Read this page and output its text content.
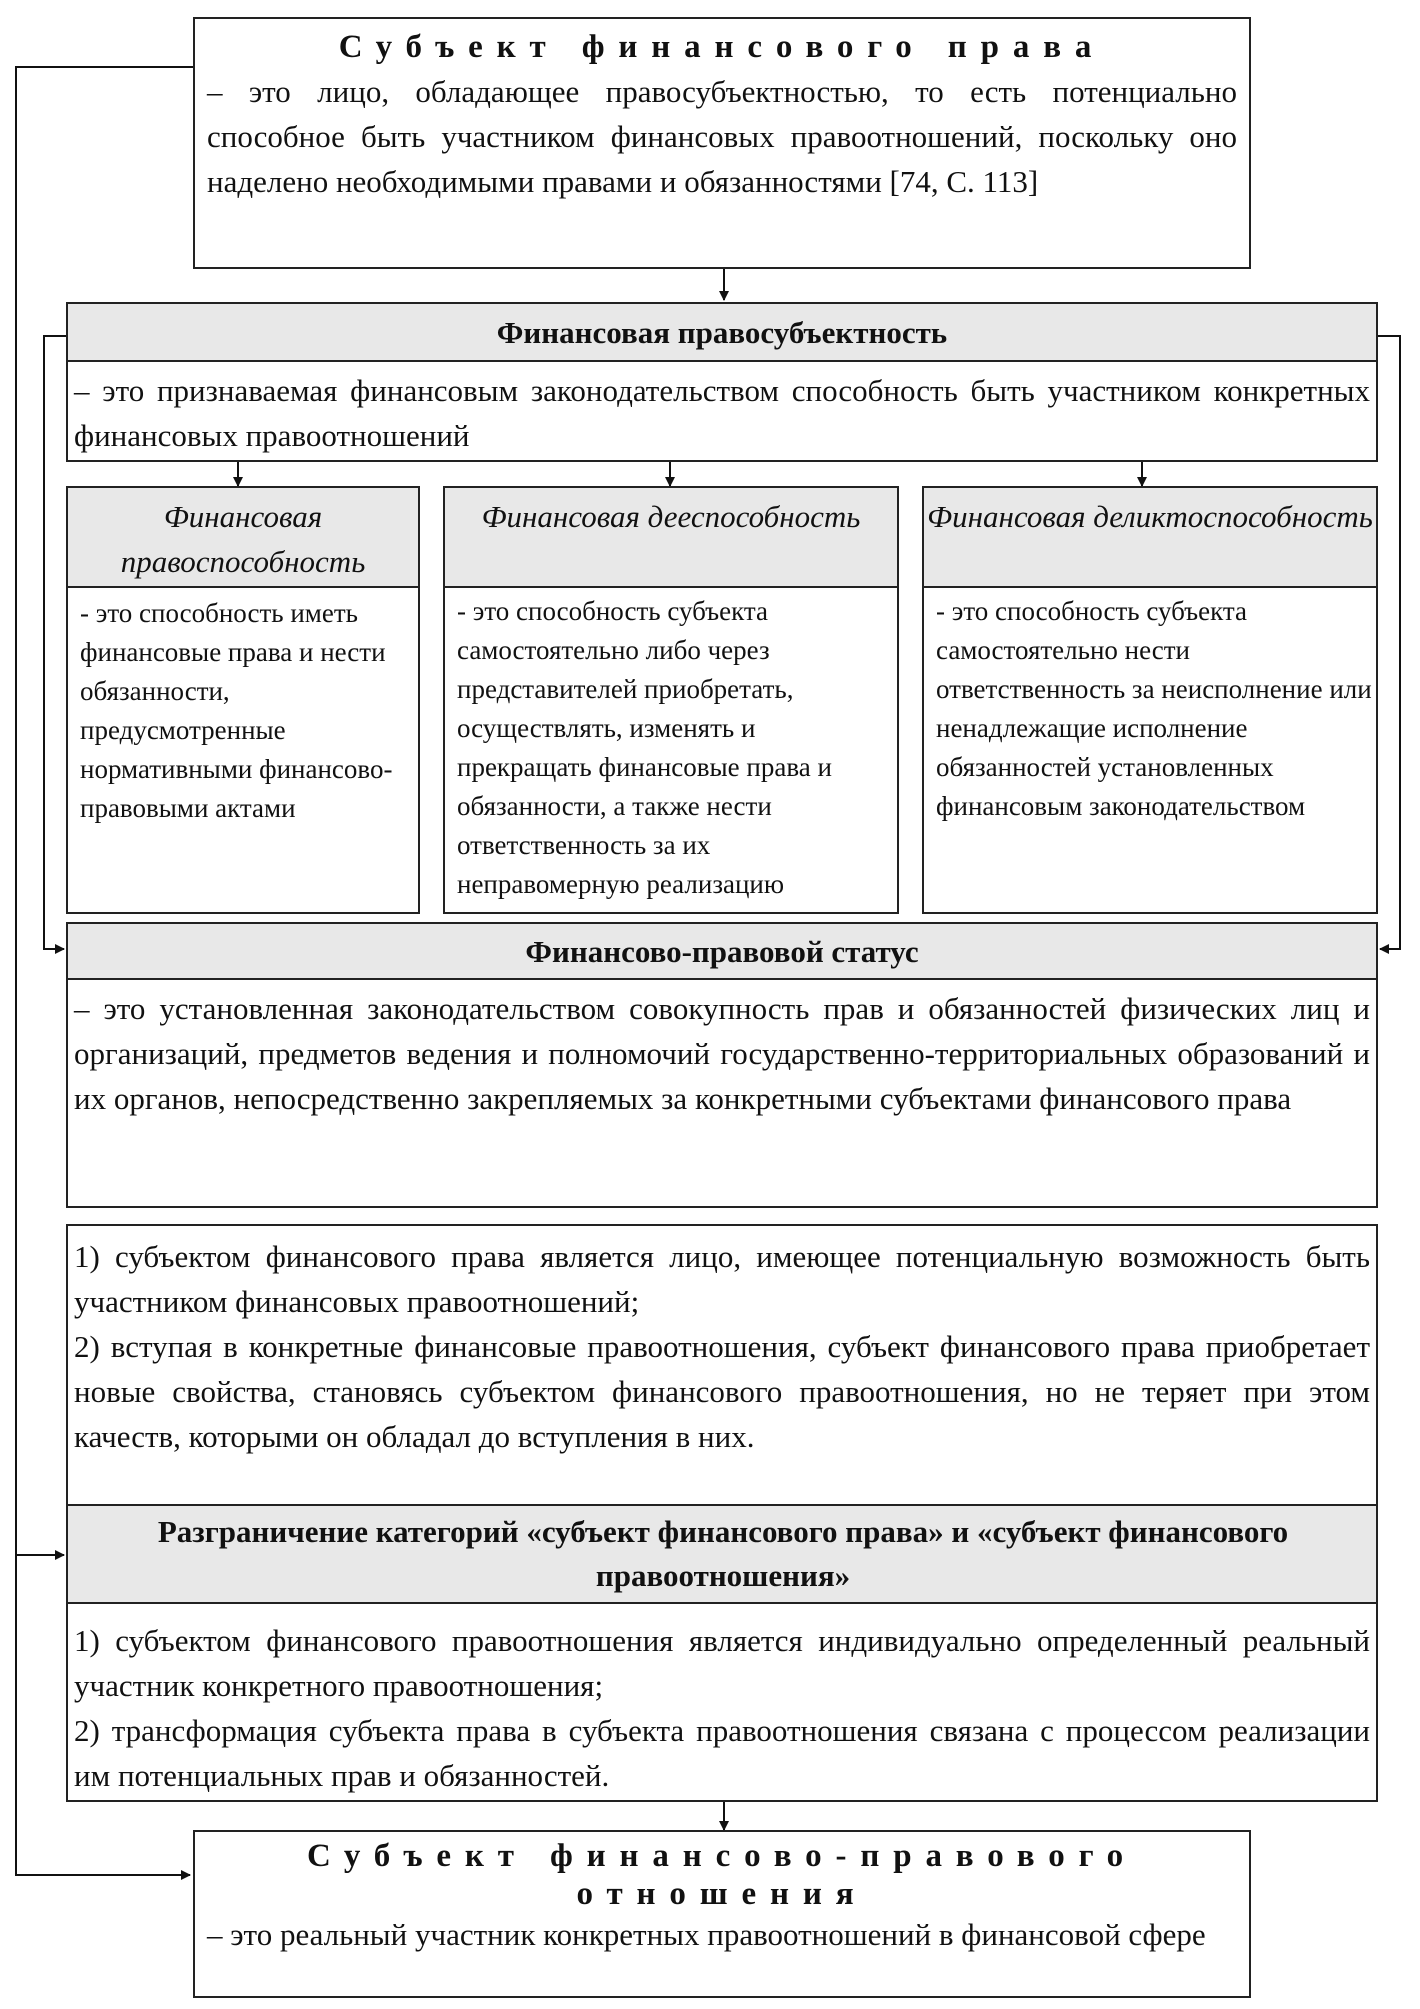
Субъект финансового права
– это лицо, обладающее правосубъектностью, то есть потенциально способное быть участником финансовых правоотношений, поскольку оно наделено необходимыми правами и обязанностями [74, С. 113]
Финансовая правосубъектность
– это признаваемая финансовым законодательством способность быть участником конкретных финансовых правоотношений
Финансовая правоспособность
- это способность иметь финансовые права и нести обязанности, предусмотренные нормативными финансово-правовыми актами
Финансовая дееспособность
- это способность субъекта самостоятельно либо через представителей приобретать, осуществлять, изменять и прекращать финансовые права и обязанности, а также нести ответственность за их неправомерную реализацию
Финансовая деликтоспособность
- это способность субъекта самостоятельно нести ответственность за неисполнение или ненадлежащие исполнение обязанностей установленных финансовым законодательством
Финансово-правовой статус
– это установленная законодательством совокупность прав и обязанностей физических лиц и организаций, предметов ведения и полномочий государственно-территориальных образований и их органов, непосредственно закрепляемых за конкретными субъектами финансового права
1) субъектом финансового права является лицо, имеющее потенциальную возможность быть участником финансовых правоотношений;
2) вступая в конкретные финансовые правоотношения, субъект финансового права приобретает новые свойства, становясь субъектом финансового правоотношения, но не теряет при этом качеств, которыми он обладал до вступления в них.
Разграничение категорий «субъект финансового права» и «субъект финансового правоотношения»
1) субъектом финансового правоотношения является индивидуально определенный реальный участник конкретного правоотношения;
2) трансформация субъекта права в субъекта правоотношения связана с процессом реализации им потенциальных прав и обязанностей.
Субъект финансово-правового
отношения
– это реальный участник конкретных правоотношений в финансовой сфере
